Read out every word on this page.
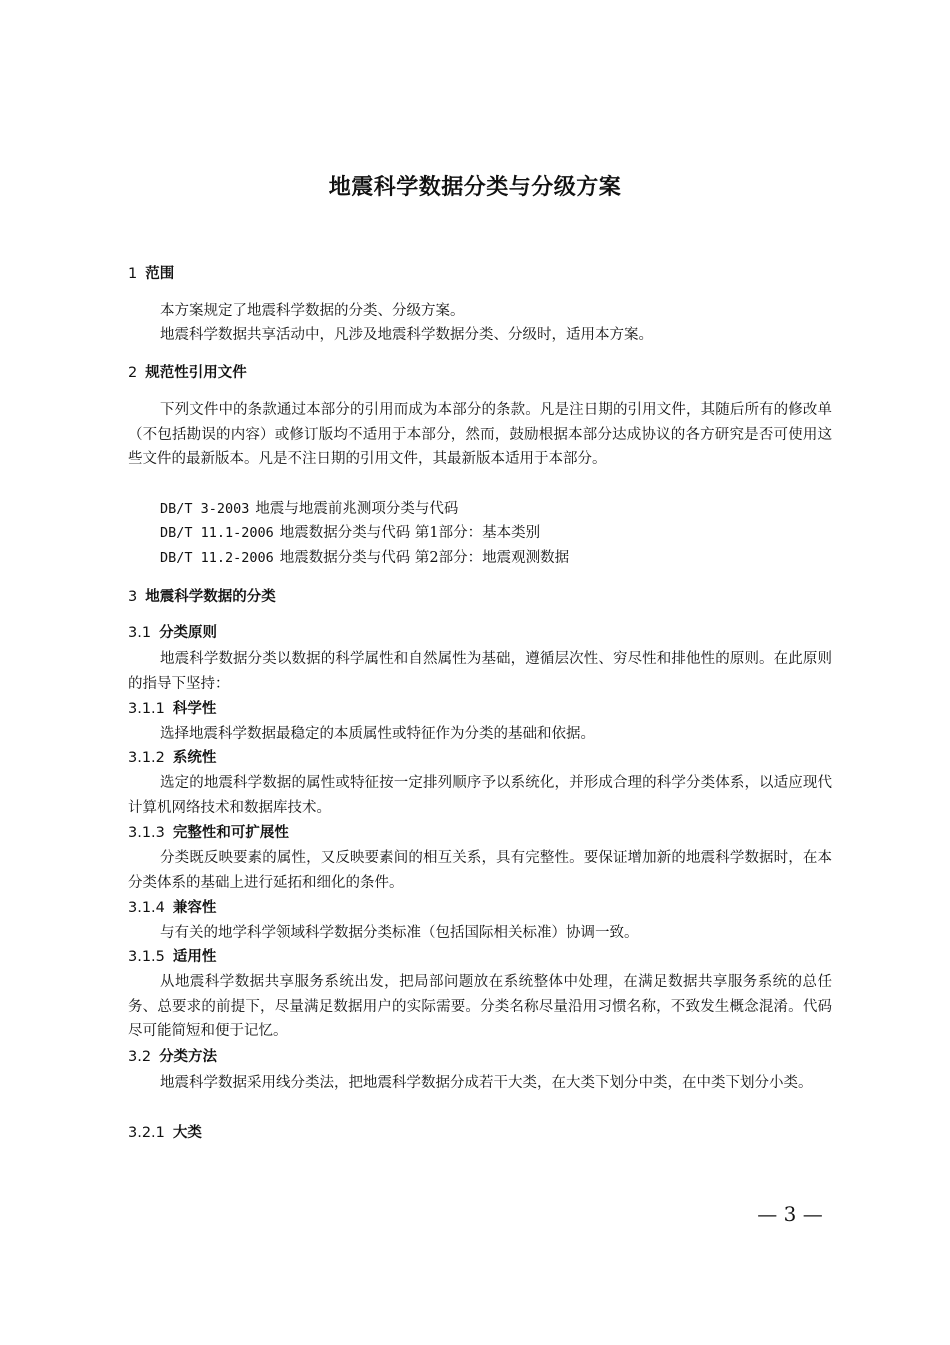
地震科学数据分类与分级方案
1 范围
本方案规定了地震科学数据的分类、分级方案。
地震科学数据共享活动中，凡涉及地震科学数据分类、分级时，适用本方案。
2 规范性引用文件
下列文件中的条款通过本部分的引用而成为本部分的条款。凡是注日期的引用文件，其随后所有的修改单（不包括勘误的内容）或修订版均不适用于本部分，然而，鼓励根据本部分达成协议的各方研究是否可使用这些文件的最新版本。凡是不注日期的引用文件，其最新版本适用于本部分。
DB/T 3-2003 地震与地震前兆测项分类与代码
DB/T 11.1-2006 地震数据分类与代码 第1部分：基本类别
DB/T 11.2-2006 地震数据分类与代码 第2部分：地震观测数据
3 地震科学数据的分类
3.1 分类原则
地震科学数据分类以数据的科学属性和自然属性为基础，遵循层次性、穷尽性和排他性的原则。在此原则的指导下坚持：
3.1.1 科学性
选择地震科学数据最稳定的本质属性或特征作为分类的基础和依据。
3.1.2 系统性
选定的地震科学数据的属性或特征按一定排列顺序予以系统化，并形成合理的科学分类体系，以适应现代计算机网络技术和数据库技术。
3.1.3 完整性和可扩展性
分类既反映要素的属性，又反映要素间的相互关系，具有完整性。要保证增加新的地震科学数据时，在本分类体系的基础上进行延拓和细化的条件。
3.1.4 兼容性
与有关的地学科学领域科学数据分类标准（包括国际相关标准）协调一致。
3.1.5 适用性
从地震科学数据共享服务系统出发，把局部问题放在系统整体中处理，在满足数据共享服务系统的总任务、总要求的前提下，尽量满足数据用户的实际需要。分类名称尽量沿用习惯名称，不致发生概念混淆。代码尽可能简短和便于记忆。
3.2 分类方法
地震科学数据采用线分类法，把地震科学数据分成若干大类，在大类下划分中类，在中类下划分小类。
3.2.1 大类
— 3 —
